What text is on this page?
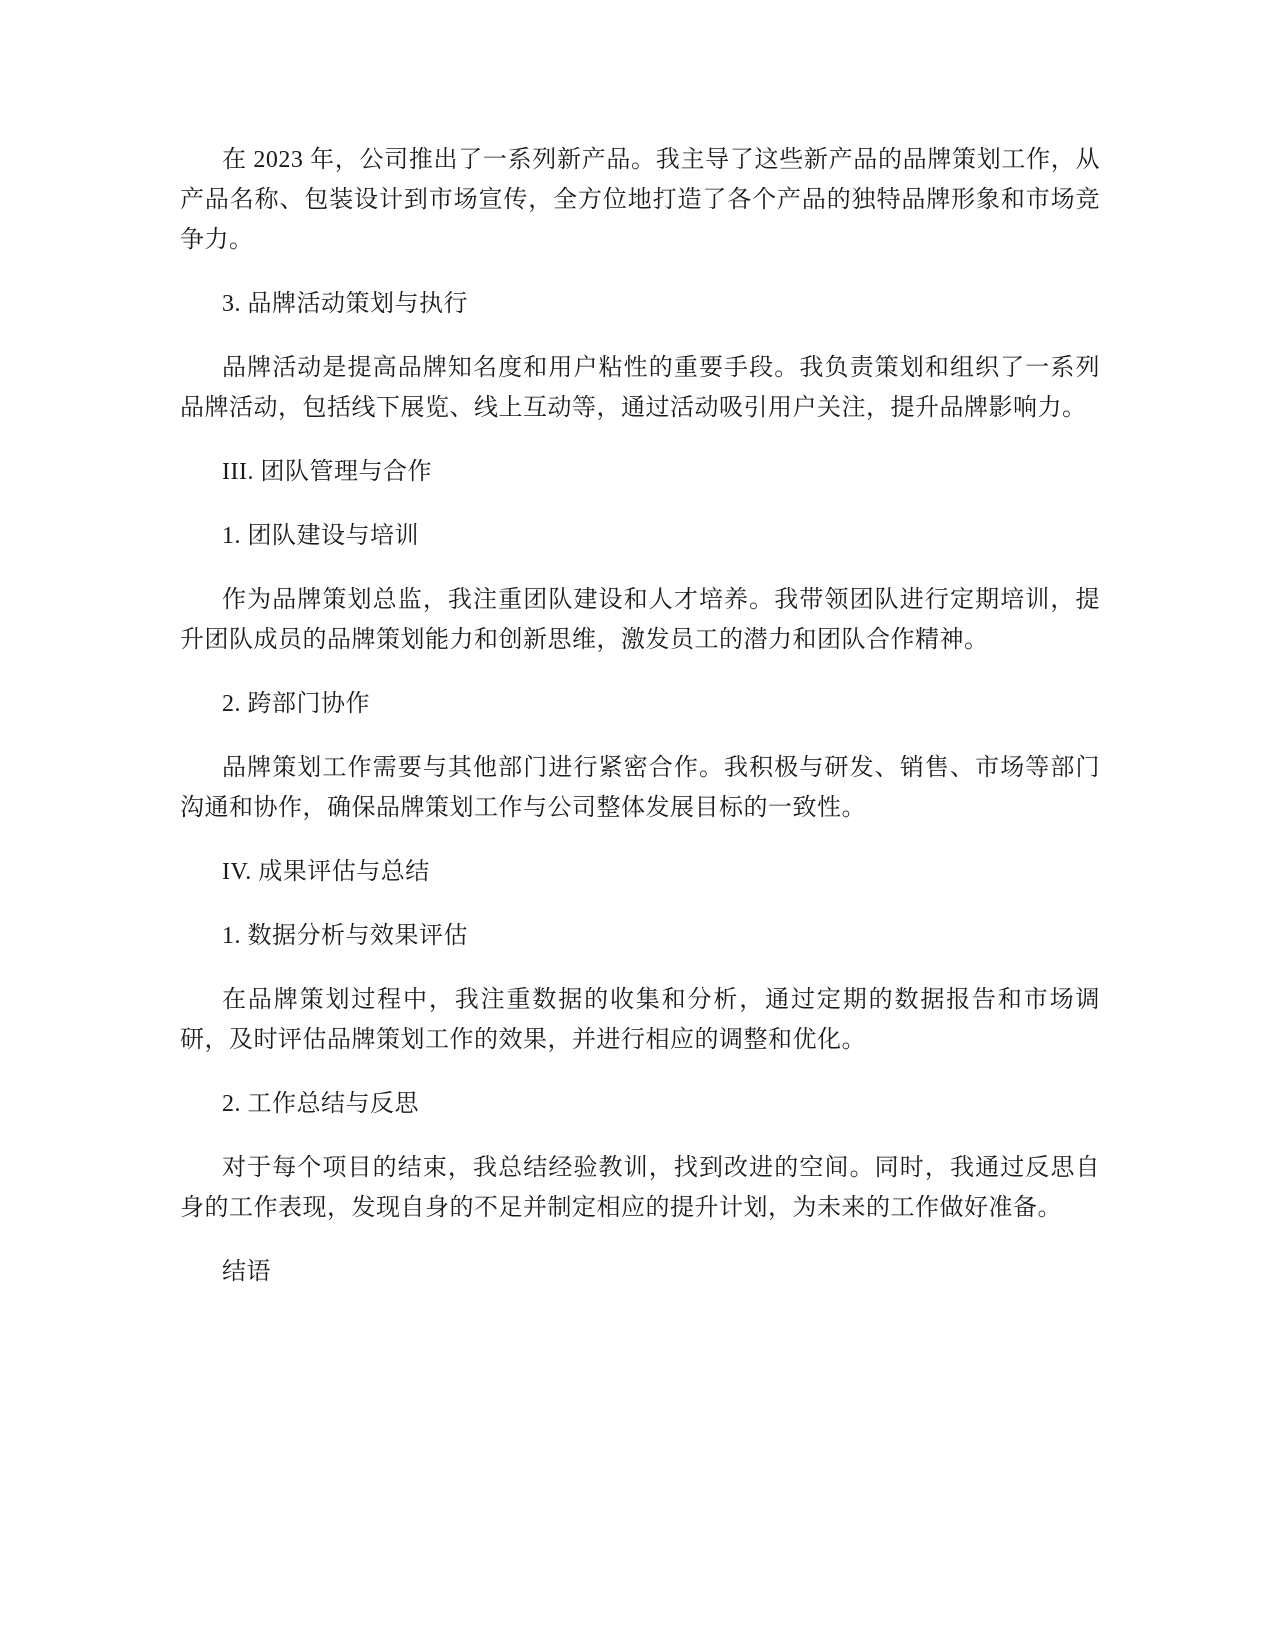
在 2023 年，公司推出了一系列新产品。我主导了这些新产品的品牌策划工作，从产品名称、包装设计到市场宣传，全方位地打造了各个产品的独特品牌形象和市场竞争力。

3. 品牌活动策划与执行

品牌活动是提高品牌知名度和用户粘性的重要手段。我负责策划和组织了一系列品牌活动，包括线下展览、线上互动等，通过活动吸引用户关注，提升品牌影响力。

III. 团队管理与合作

1. 团队建设与培训

作为品牌策划总监，我注重团队建设和人才培养。我带领团队进行定期培训，提升团队成员的品牌策划能力和创新思维，激发员工的潜力和团队合作精神。

2. 跨部门协作

品牌策划工作需要与其他部门进行紧密合作。我积极与研发、销售、市场等部门沟通和协作，确保品牌策划工作与公司整体发展目标的一致性。

IV. 成果评估与总结

1. 数据分析与效果评估

在品牌策划过程中，我注重数据的收集和分析，通过定期的数据报告和市场调研，及时评估品牌策划工作的效果，并进行相应的调整和优化。

2. 工作总结与反思

对于每个项目的结束，我总结经验教训，找到改进的空间。同时，我通过反思自身的工作表现，发现自身的不足并制定相应的提升计划，为未来的工作做好准备。

结语
